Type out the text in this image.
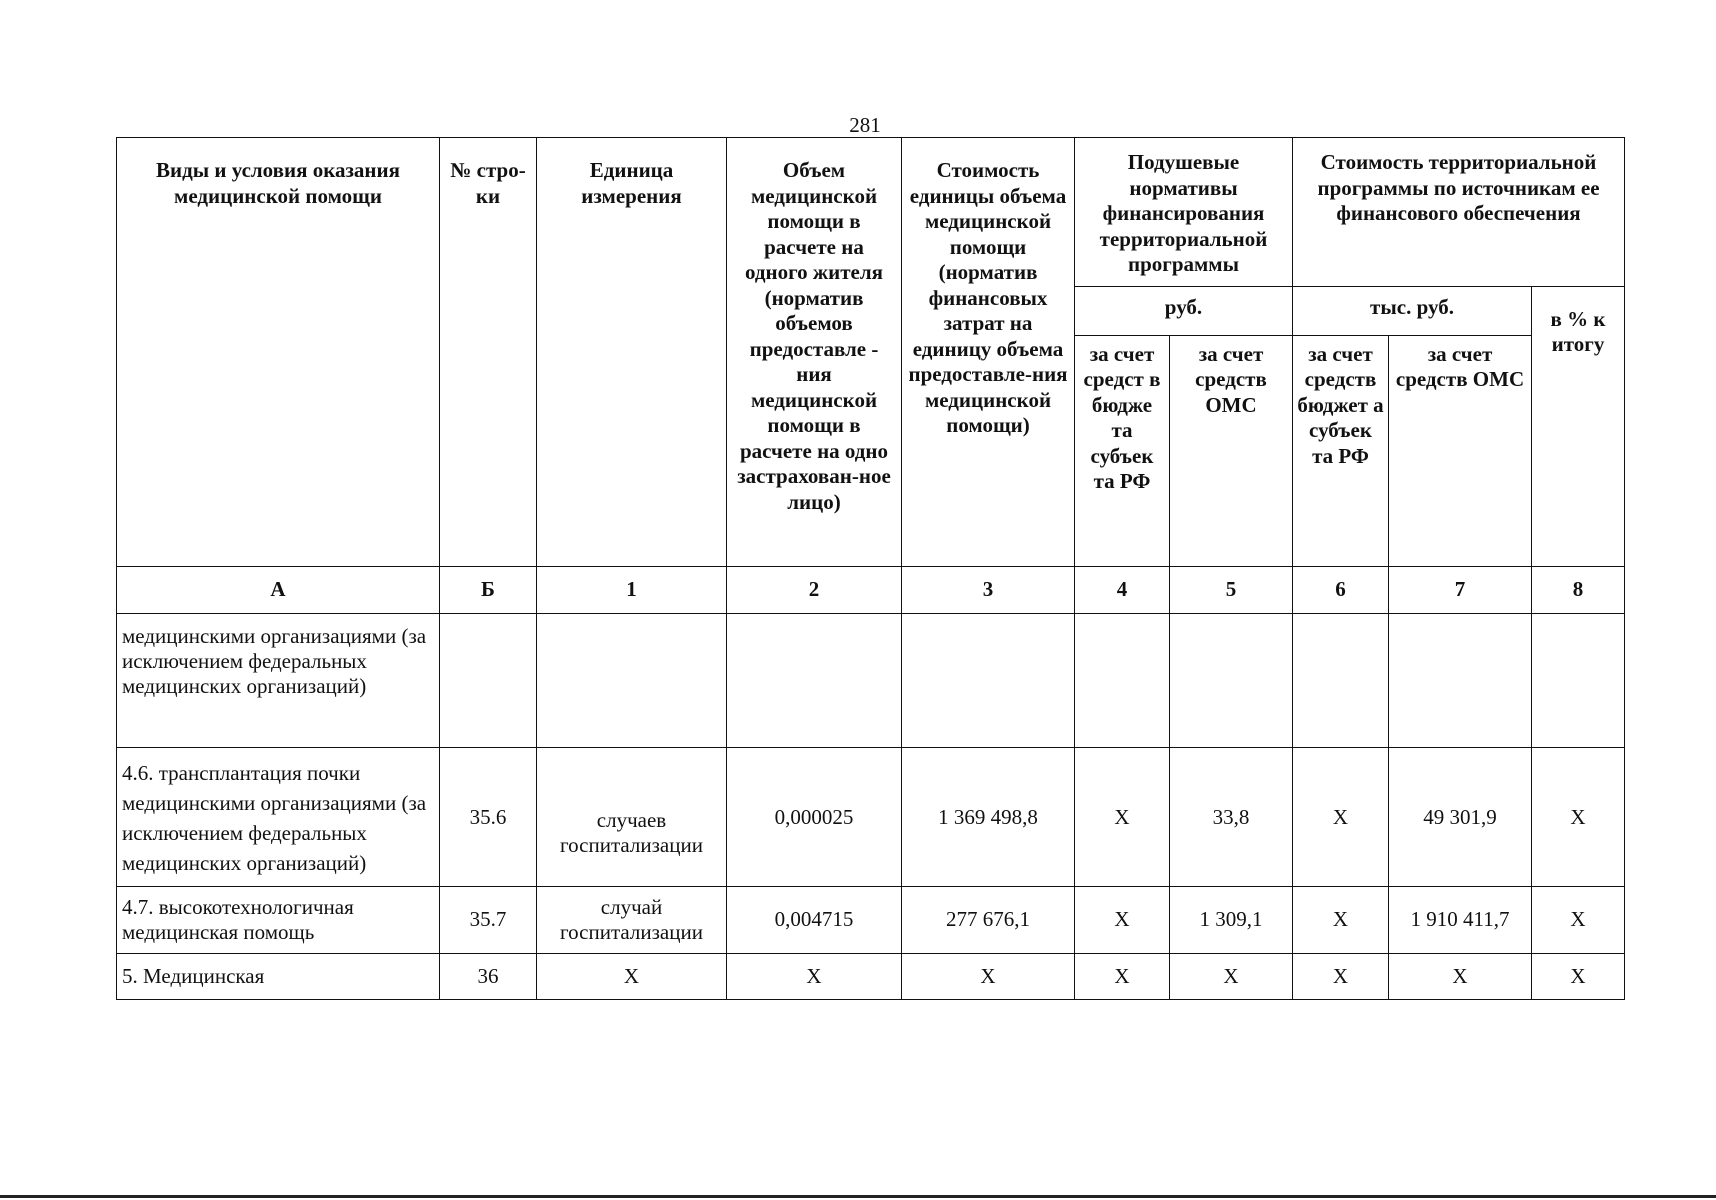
281
Виды и условия оказания медицинской помощи	№ стро-ки	Единица измерения	Объем медицинской помощи в расчете на одного жителя (норматив объемов предоставле - ния медицинской помощи в расчете на одно застрахован-ное лицо)	Стоимость единицы объема медицинской помощи (норматив финансовых затрат на единицу объема предоставле-ния медицинской помощи)	Подушевые нормативы финансирования территориальной программы		Стоимость территориальной программы по источникам ее финансового обеспечения		
					руб.		тыс. руб.		в % к итогу
					за счет средст в бюдже та субъек та РФ	за счет средств ОМС	за счет средств бюджет а субъек та РФ	за счет средств ОМС	
А	Б	1	2	3	4	5	6	7	8
медицинскими организациями (за исключением федеральных медицинских организаций)									
4.6. трансплантация почки медицинскими организациями (за исключением федеральных медицинских организаций)	35.6	случаев госпитализации	0,000025	1 369 498,8	Х	33,8	Х	49 301,9	Х
4.7. высокотехнологичная медицинская помощь	35.7	случай госпитализации	0,004715	277 676,1	Х	1 309,1	Х	1 910 411,7	Х
5. Медицинская	36	Х	Х	Х	Х	Х	Х	Х	Х
